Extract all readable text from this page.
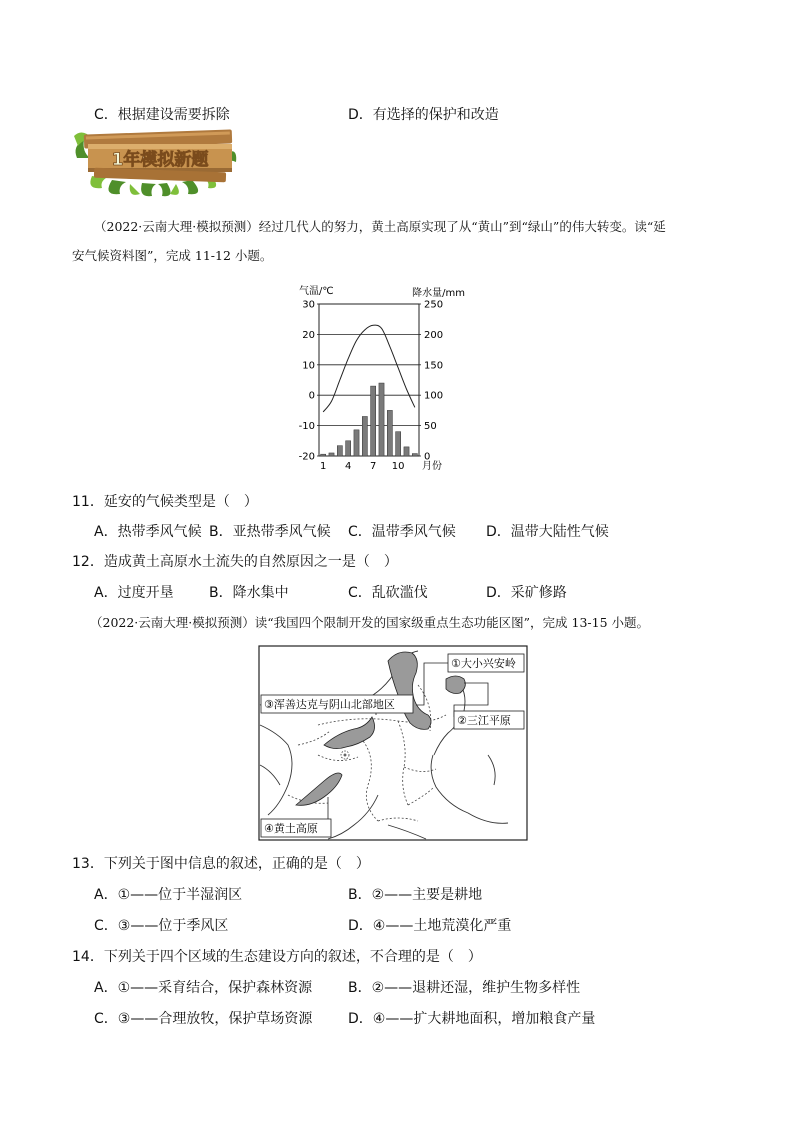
C．根据建设需要拆除	D．有选择的保护和改造
1年模拟新题
（2022·云南大理·模拟预测）经过几代人的努力，黄土高原实现了从“黄山”到“绿山”的伟大转变。读“延
安气候资料图”，完成 11-12 小题。
气温/℃	降水量/mm
30
20
10
0
-10
-20
250
200
150
100
50
0
1 4 7 10 月份
11．延安的气候类型是（　）
A．热带季风气候 B．亚热带季风气候 C．温带季风气候 D．温带大陆性气候
12．造成黄土高原水土流失的自然原因之一是（　）
A．过度开垦	B．降水集中	C．乱砍滥伐	D．采矿修路
（2022·云南大理·模拟预测）读“我国四个限制开发的国家级重点生态功能区图”，完成 13-15 小题。
①大小兴安岭
②三江平原
③浑善达克与阴山北部地区
④黄土高原
13．下列关于图中信息的叙述，正确的是（　）
A．①——位于半湿润区	B．②——主要是耕地
C．③——位于季风区	D．④——土地荒漠化严重
14．下列关于四个区域的生态建设方向的叙述，不合理的是（　）
A．①——采育结合，保护森林资源	B．②——退耕还湿，维护生物多样性
C．③——合理放牧，保护草场资源	D．④——扩大耕地面积，增加粮食产量
